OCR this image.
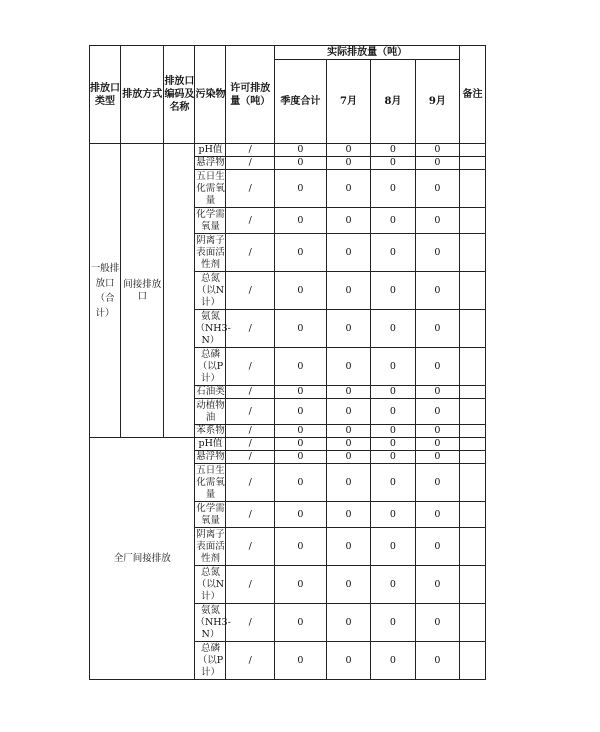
排放口类型	排放方式	排放口编码及名称	污染物	许可排放量（吨）	实际排放量（吨）				备注
					季度合计	7月	8月	9月	
一般排放口（合计）	间接排放口		pH值	/	0	0	0	0	
			悬浮物	/	0	0	0	0	
			五日生化需氧量	/	0	0	0	0	
			化学需氧量	/	0	0	0	0	
			阴离子表面活性剂	/	0	0	0	0	
			总氮（以N计）	/	0	0	0	0	
			氨氮（NH3-N）	/	0	0	0	0	
			总磷（以P计）	/	0	0	0	0	
			石油类	/	0	0	0	0	
			动植物油	/	0	0	0	0	
			苯系物	/	0	0	0	0	
全厂间接排放			pH值	/	0	0	0	0	
			悬浮物	/	0	0	0	0	
			五日生化需氧量	/	0	0	0	0	
			化学需氧量	/	0	0	0	0	
			阴离子表面活性剂	/	0	0	0	0	
			总氮（以N计）	/	0	0	0	0	
			氨氮（NH3-N）	/	0	0	0	0	
			总磷（以P计）	/	0	0	0	0	
